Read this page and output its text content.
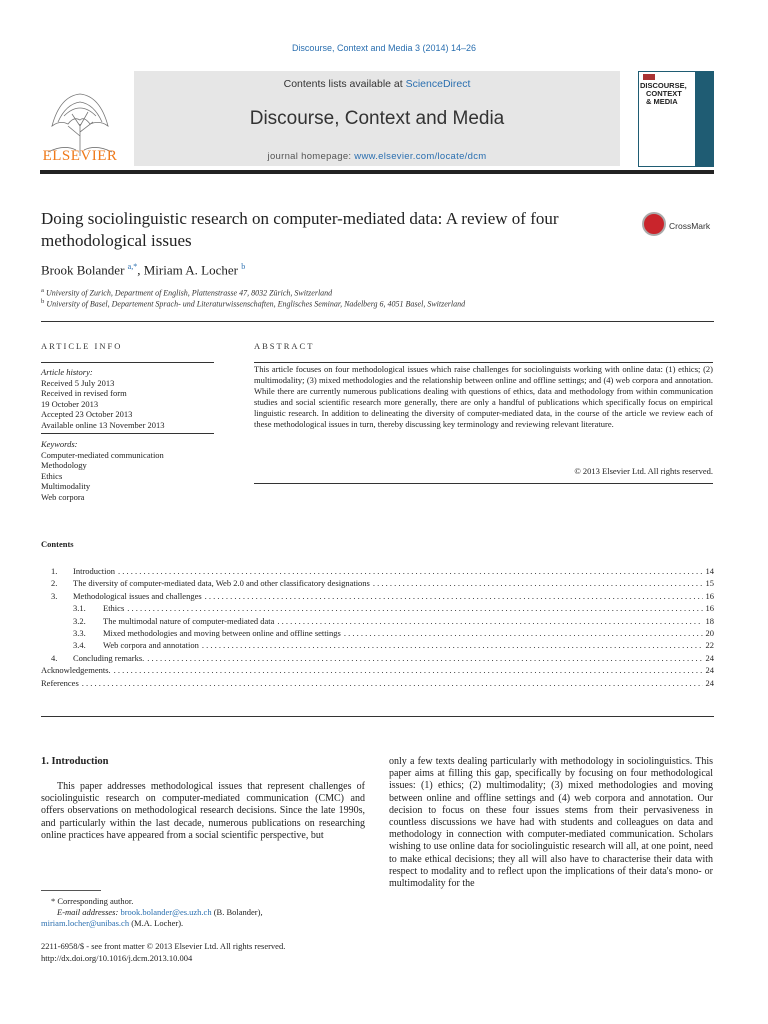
Discourse, Context and Media 3 (2014) 14–26
ELSEVIER
Contents lists available at ScienceDirect
Discourse, Context and Media
journal homepage: www.elsevier.com/locate/dcm
DISCOURSE,
CONTEXT
& MEDIA
Doing sociolinguistic research on computer-mediated data: A review of four methodological issues
CrossMark
Brook Bolander $^{a,*}$, Miriam A. Locher $^b$
$^a$ University of Zurich, Department of English, Plattenstrasse 47, 8032 Zürich, Switzerland
$^b$ University of Basel, Departement Sprach- und Literaturwissenschaften, Englisches Seminar, Nadelberg 6, 4051 Basel, Switzerland
ARTICLE INFO
Article history:
Received 5 July 2013
Received in revised form
19 October 2013
Accepted 23 October 2013
Available online 13 November 2013
Keywords:
Computer-mediated communication
Methodology
Ethics
Multimodality
Web corpora
ABSTRACT
This article focuses on four methodological issues which raise challenges for sociolinguists working with online data: (1) ethics; (2) multimodality; (3) mixed methodologies and the relationship between online and offline settings; and (4) web corpora and annotation. While there are currently numerous publications dealing with questions of ethics, data and methodology from within communication studies and social scientific research more generally, there are only a handful of publications which specifically focus on empirical linguistic research. In addition to delineating the diversity of computer-mediated data, in the course of the article we review each of these methodological issues in turn, thereby discussing key terminology and reviewing relevant literature.
© 2013 Elsevier Ltd. All rights reserved.
Contents
1.	Introduction . . .	14
2.	The diversity of computer-mediated data, Web 2.0 and other classificatory designations . . .	15
3.	Methodological issues and challenges . . .	16
3.1.	Ethics . . .	16
3.2.	The multimodal nature of computer-mediated data . . .	18
3.3.	Mixed methodologies and moving between online and offline settings . . .	20
3.4.	Web corpora and annotation . . .	22
4.	Concluding remarks. . . .	24
Acknowledgements. . . .	24
References . . .	24
1. Introduction
This paper addresses methodological issues that represent challenges of sociolinguistic research on computer-mediated communication (CMC) and offers observations on methodological research decisions. Since the late 1990s, and particularly within the last decade, numerous publications on researching online practices have appeared from a social scientific perspective, but
only a few texts dealing particularly with methodology in sociolinguistics. This paper aims at filling this gap, specifically by focusing on four methodological issues: (1) ethics; (2) multimodality; (3) mixed methodologies and moving between online and offline settings and (4) web corpora and annotation. Our decision to focus on these four issues stems from their pervasiveness in countless discussions we have had with students and colleagues on data and methodology in connection with computer-mediated communication. Scholars wishing to use online data for sociolinguistic research will all, at one point, need to make ethical decisions; they all will also have to characterise their data with respect to modality and to reflect upon the implications of their data's mono- or multimodality for the
* Corresponding author.
E-mail addresses: brook.bolander@es.uzh.ch (B. Bolander),
miriam.locher@unibas.ch (M.A. Locher).
2211-6958/$ - see front matter © 2013 Elsevier Ltd. All rights reserved.
http://dx.doi.org/10.1016/j.dcm.2013.10.004
